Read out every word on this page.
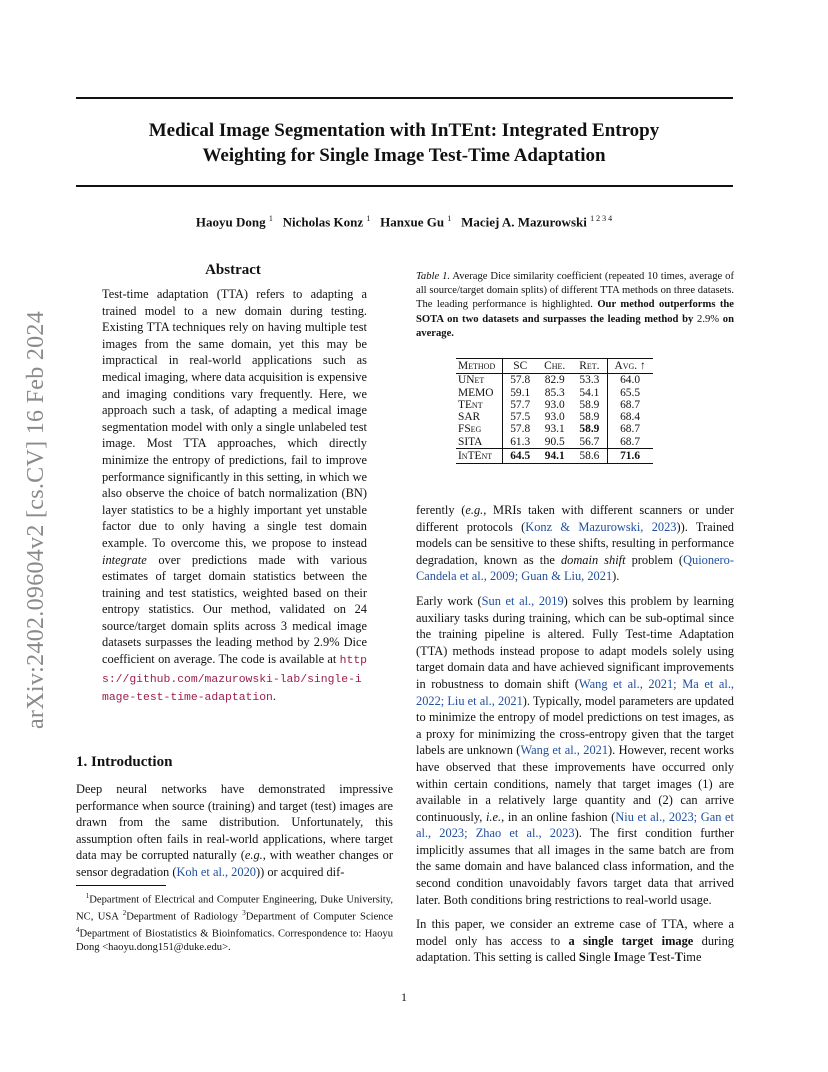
arXiv:2402.09604v2 [cs.CV] 16 Feb 2024
Medical Image Segmentation with InTEnt: Integrated Entropy
Weighting for Single Image Test-Time Adaptation
Haoyu Dong $^1$ Nicholas Konz $^1$ Hanxue Gu $^1$ Maciej A. Mazurowski $^{1 2 3 4}$
Abstract
Test-time adaptation (TTA) refers to adapting a trained model to a new domain during testing. Existing TTA techniques rely on having multiple test images from the same domain, yet this may be impractical in real-world applications such as medical imaging, where data acquisition is expensive and imaging conditions vary frequently. Here, we approach such a task, of adapting a medical image segmentation model with only a single unlabeled test image. Most TTA approaches, which directly minimize the entropy of predictions, fail to improve performance significantly in this setting, in which we also observe the choice of batch normalization (BN) layer statistics to be a highly important yet unstable factor due to only having a single test domain example. To overcome this, we propose to instead integrate over predictions made with various estimates of target domain statistics between the training and test statistics, weighted based on their entropy statistics. Our method, validated on 24 source/target domain splits across 3 medical image datasets surpasses the leading method by 2.9% Dice coefficient on average. The code is available at https://github.com/mazurowski-lab/single-image-test-time-adaptation.
1. Introduction
Deep neural networks have demonstrated impressive performance when source (training) and target (test) images are drawn from the same distribution. Unfortunately, this assumption often fails in real-world applications, where target data may be corrupted naturally (e.g., with weather changes or sensor degradation (Koh et al., 2020)) or acquired dif-
$^1$Department of Electrical and Computer Engineering, Duke University, NC, USA $^2$Department of Radiology $^3$Department of Computer Science $^4$Department of Biostatistics & Bioinfomatics. Correspondence to: Haoyu Dong <haoyu.dong151@duke.edu>.
Table 1. Average Dice similarity coefficient (repeated 10 times, average of all source/target domain splits) of different TTA methods on three datasets. The leading performance is highlighted. Our method outperforms the SOTA on two datasets and surpasses the leading method by 2.9% on average.
Method	SC	Che.	Ret.	Avg. ↑
UNet	57.8	82.9	53.3	64.0
MEMO	59.1	85.3	54.1	65.5
TEnt	57.7	93.0	58.9	68.7
SAR	57.5	93.0	58.9	68.4
FSeg	57.8	93.1	58.9	68.7
SITA	61.3	90.5	56.7	68.7
InTEnt	64.5	94.1	58.6	71.6

ferently (e.g., MRIs taken with different scanners or under different protocols (Konz & Mazurowski, 2023)). Trained models can be sensitive to these shifts, resulting in performance degradation, known as the domain shift problem (Quionero-Candela et al., 2009; Guan & Liu, 2021).

Early work (Sun et al., 2019) solves this problem by learning auxiliary tasks during training, which can be sub-optimal since the training pipeline is altered. Fully Test-time Adaptation (TTA) methods instead propose to adapt models solely using target domain data and have achieved significant improvements in robustness to domain shift (Wang et al., 2021; Ma et al., 2022; Liu et al., 2021). Typically, model parameters are updated to minimize the entropy of model predictions on test images, as a proxy for minimizing the cross-entropy given that the target labels are unknown (Wang et al., 2021). However, recent works have observed that these improvements have occurred only within certain conditions, namely that target images (1) are available in a relatively large quantity and (2) can arrive continuously, i.e., in an online fashion (Niu et al., 2023; Gan et al., 2023; Zhao et al., 2023). The first condition further implicitly assumes that all images in the same batch are from the same domain and have balanced class information, and the second condition unavoidably favors target data that arrived later. Both conditions bring restrictions to real-world usage.

In this paper, we consider an extreme case of TTA, where a model only has access to a single target image during adaptation. This setting is called Single Image Test-Time

1
